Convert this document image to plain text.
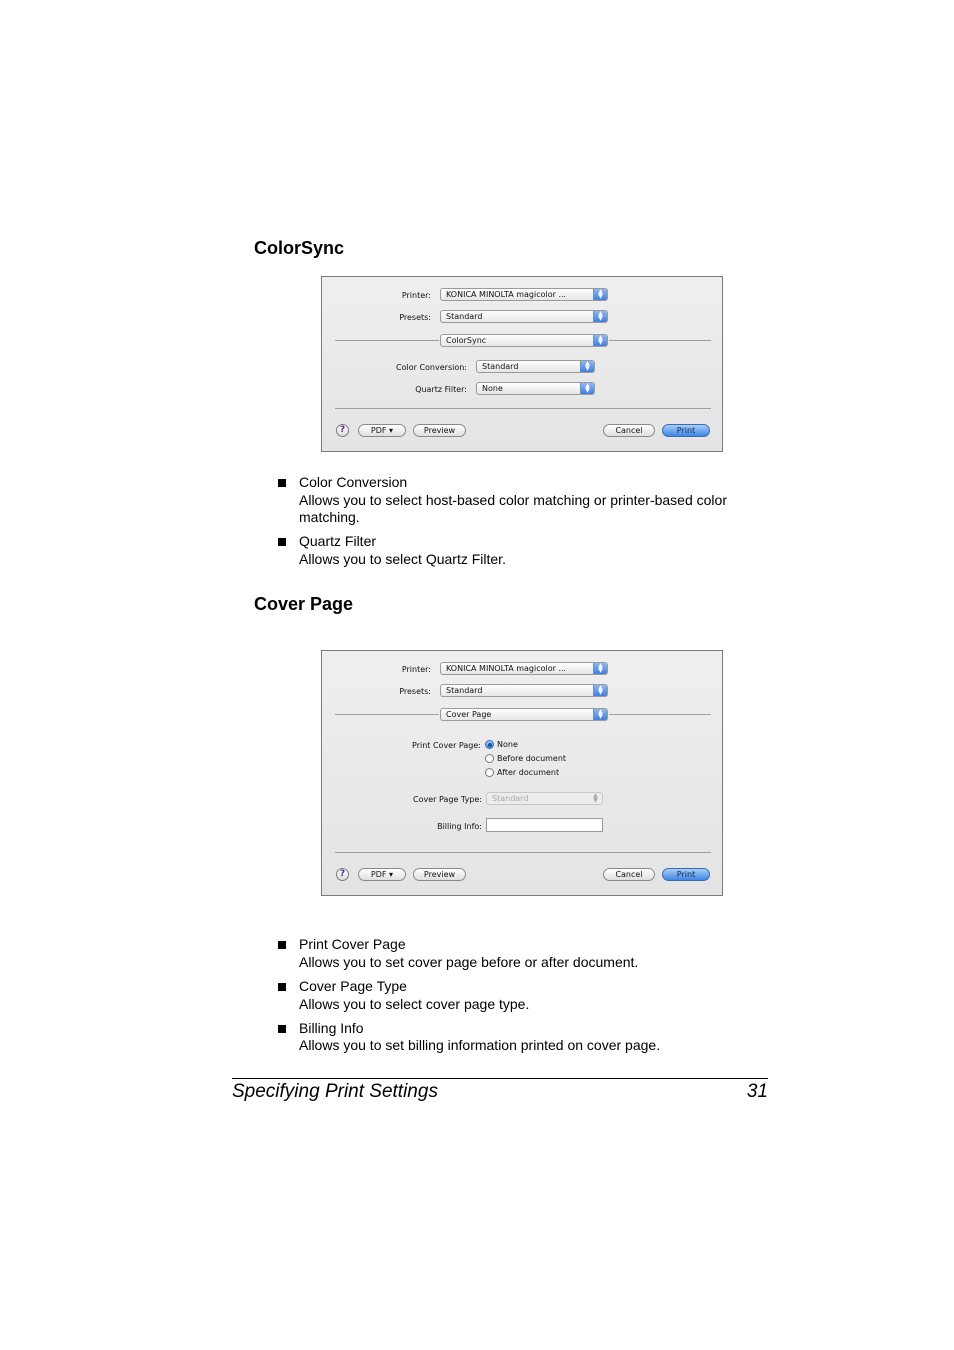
ColorSync
Printer:	KONICA MINOLTA magicolor ...	▲
▼
Presets:	Standard	▲
▼
ColorSync	▲
▼
Color Conversion:	Standard	▲
▼
Quartz Filter:	None	▲
▼
?	PDF ▾	Preview	Cancel	Print
Color Conversion
Allows you to select host-based color matching or printer-based color
matching.
Quartz Filter
Allows you to select Quartz Filter.
Cover Page
Printer:	KONICA MINOLTA magicolor ...	▲
▼
Presets:	Standard	▲
▼
Cover Page	▲
▼
Print Cover Page: None
Before document
After document
Cover Page Type:	Standard	▲
▼
Billing Info:
?	PDF ▾	Preview	Cancel	Print
Print Cover Page
Allows you to set cover page before or after document.
Cover Page Type
Allows you to select cover page type.
Billing Info
Allows you to set billing information printed on cover page.
Specifying Print Settings	31
